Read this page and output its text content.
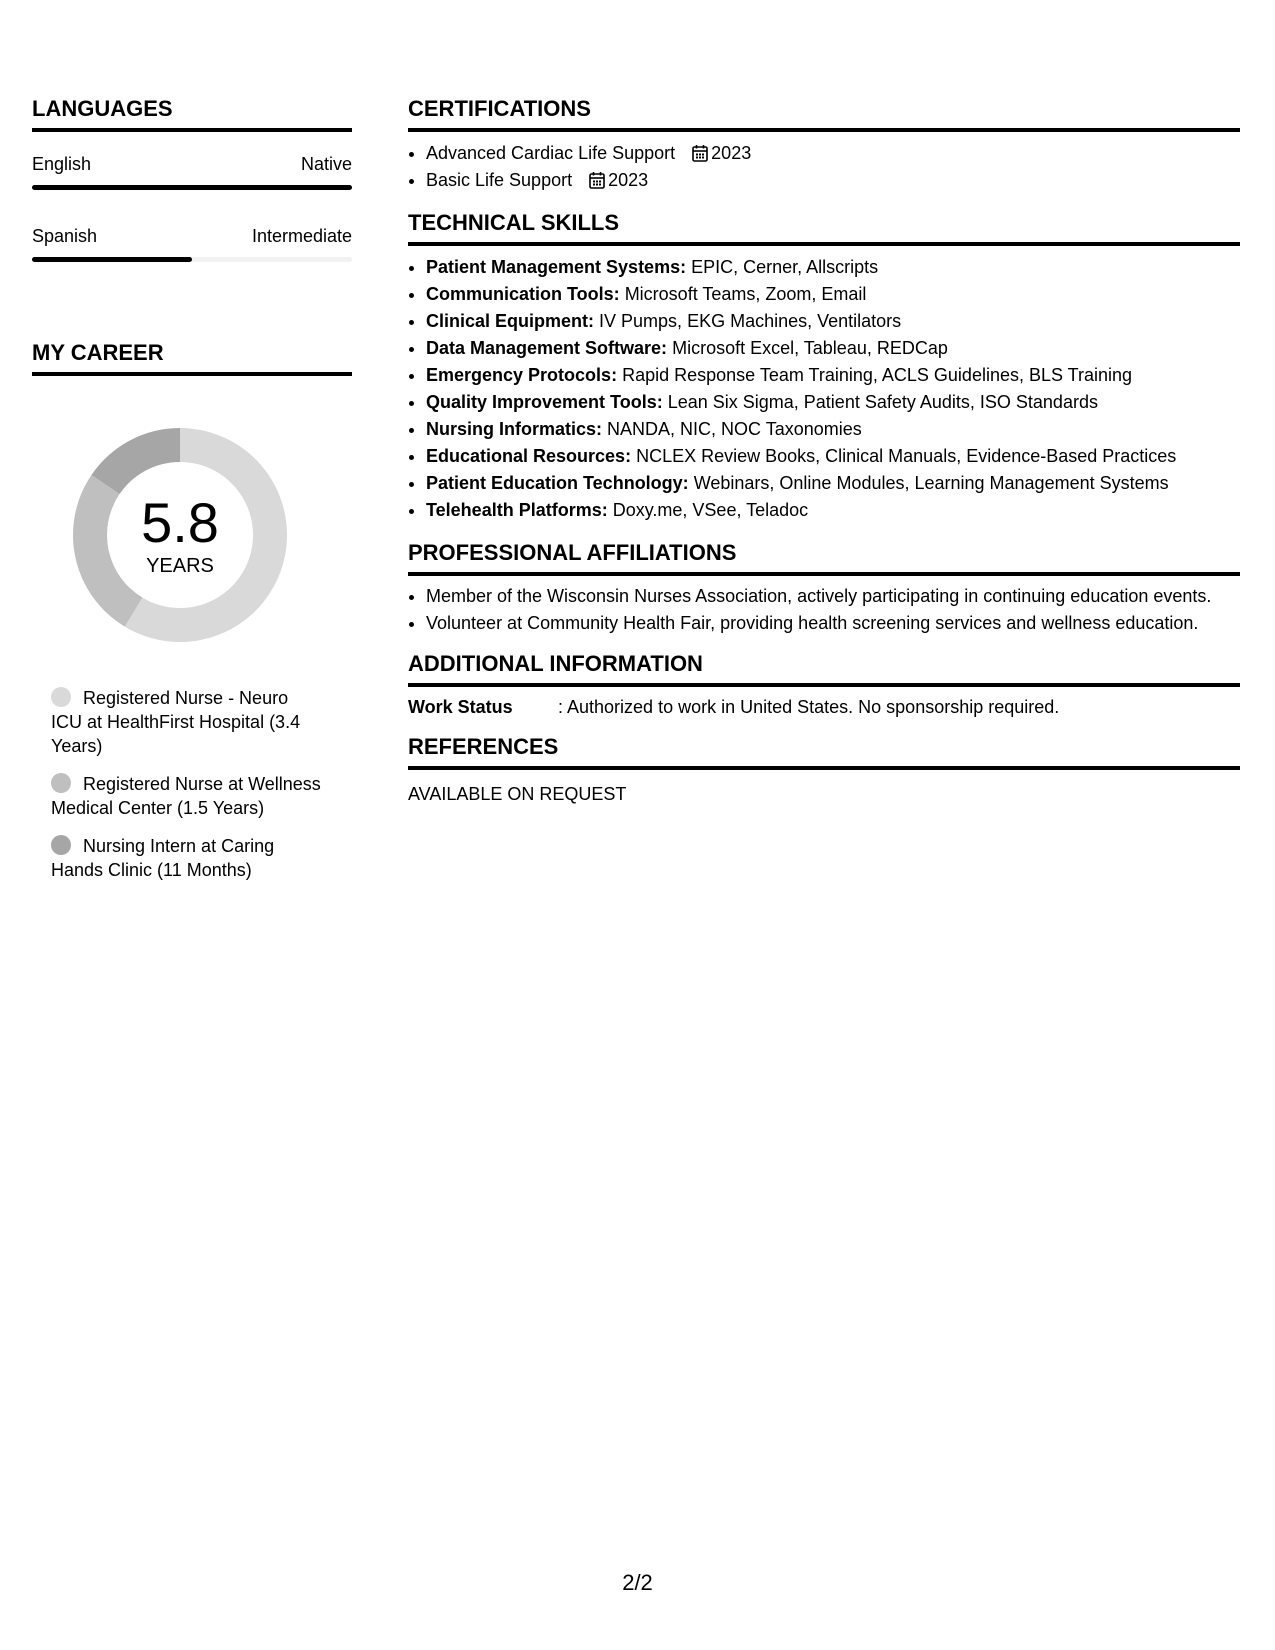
LANGUAGES
English	Native
Spanish	Intermediate
MY CAREER
5.8
YEARS
Registered Nurse - Neuro ICU at HealthFirst Hospital (3.4 Years)
Registered Nurse at Wellness Medical Center (1.5 Years)
Nursing Intern at Caring Hands Clinic (11 Months)
CERTIFICATIONS
• Advanced Cardiac Life Support 2023
• Basic Life Support 2023
TECHNICAL SKILLS
• Patient Management Systems: EPIC, Cerner, Allscripts
• Communication Tools: Microsoft Teams, Zoom, Email
• Clinical Equipment: IV Pumps, EKG Machines, Ventilators
• Data Management Software: Microsoft Excel, Tableau, REDCap
• Emergency Protocols: Rapid Response Team Training, ACLS Guidelines, BLS Training
• Quality Improvement Tools: Lean Six Sigma, Patient Safety Audits, ISO Standards
• Nursing Informatics: NANDA, NIC, NOC Taxonomies
• Educational Resources: NCLEX Review Books, Clinical Manuals, Evidence-Based Practices
• Patient Education Technology: Webinars, Online Modules, Learning Management Systems
• Telehealth Platforms: Doxy.me, VSee, Teladoc
PROFESSIONAL AFFILIATIONS
• Member of the Wisconsin Nurses Association, actively participating in continuing education events.
• Volunteer at Community Health Fair, providing health screening services and wellness education.
ADDITIONAL INFORMATION
Work Status	: Authorized to work in United States. No sponsorship required.
REFERENCES
AVAILABLE ON REQUEST
2/2
